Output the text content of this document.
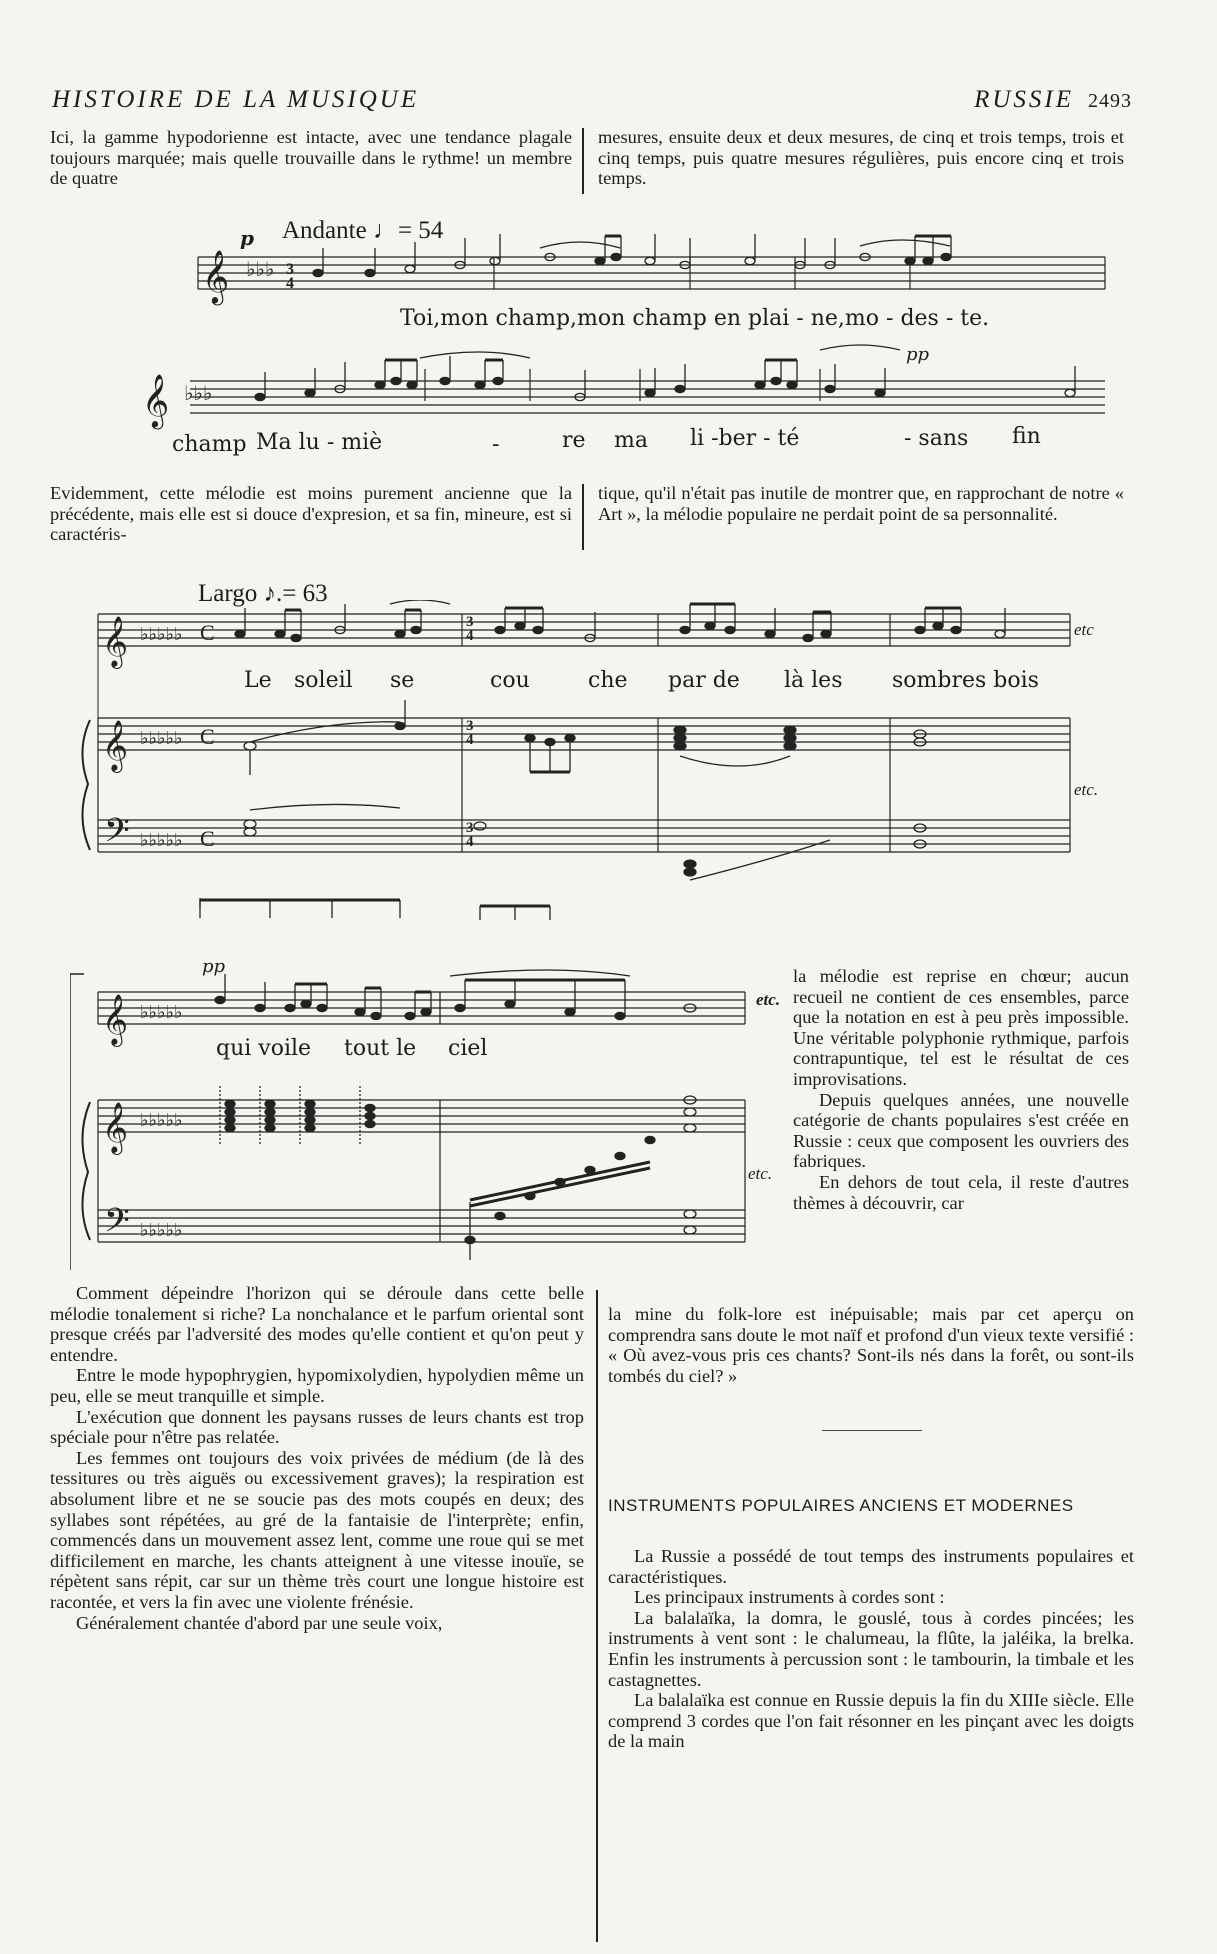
HISTOIRE DE LA MUSIQUE	RUSSIE 2493

Ici, la gamme hypodorienne est intacte, avec une tendance plagale toujours marquée; mais quelle trouvaille dans le rythme! un membre de quatre

mesures, ensuite deux et deux mesures, de cinq et trois temps, trois et cinq temps, puis quatre mesures régulières, puis encore cinq et trois temps.

Andante ♩= 54
𝄞 ♭♭♭ 3
4
𝄞 ♭♭♭
p
pp
Toi,mon champ,mon champ en plai - ne,mo - des - te.
champ Ma lu - miè	-	re ma li -ber - té	- sans fin

Evidemment, cette mélodie est moins purement ancienne que la précédente, mais elle est si douce d'expresion, et sa fin, mineure, est si caractéris-

tique, qu'il n'était pas inutile de montrer que, en rapprochant de notre « Art », la mélodie populaire ne perdait point de sa personnalité.

Largo ♪.= 63
𝄞 ♭♭♭♭♭ C
𝄞 ♭♭♭♭♭ C
𝄢 ♭♭♭♭♭ C
3
4
3
4
3
4
Le soleil se	cou	che par de là les sombres bois
etc
etc.
𝄞 ♭♭♭♭♭
𝄞 ♭♭♭♭♭
𝄢 ♭♭♭♭♭
pp
qui voile tout le ciel
etc.
etc.

la mélodie est reprise en chœur; aucun recueil ne contient de ces ensembles, parce que la notation en est à peu près impossible. Une véritable polyphonie rythmique, parfois contrapuntique, tel est le résultat de ces improvisations.

Depuis quelques années, une nouvelle catégorie de chants populaires s'est créée en Russie : ceux que composent les ouvriers des fabriques.

En dehors de tout cela, il reste d'autres thèmes à découvrir, car

Comment dépeindre l'horizon qui se déroule dans cette belle mélodie tonalement si riche? La nonchalance et le parfum oriental sont presque créés par l'adversité des modes qu'elle contient et qu'on peut y entendre.

Entre le mode hypophrygien, hypomixolydien, hypolydien même un peu, elle se meut tranquille et simple.

L'exécution que donnent les paysans russes de leurs chants est trop spéciale pour n'être pas relatée.

Les femmes ont toujours des voix privées de médium (de là des tessitures ou très aiguës ou excessivement graves); la respiration est absolument libre et ne se soucie pas des mots coupés en deux; des syllabes sont répétées, au gré de la fantaisie de l'interprète; enfin, commencés dans un mouvement assez lent, comme une roue qui se met difficilement en marche, les chants atteignent à une vitesse inouïe, se répètent sans répit, car sur un thème très court une longue histoire est racontée, et vers la fin avec une violente frénésie.

Généralement chantée d'abord par une seule voix,

la mine du folk-lore est inépuisable; mais par cet aperçu on comprendra sans doute le mot naïf et profond d'un vieux texte versifié : « Où avez-vous pris ces chants? Sont-ils nés dans la forêt, ou sont-ils tombés du ciel? »

INSTRUMENTS POPULAIRES ANCIENS ET MODERNES

La Russie a possédé de tout temps des instruments populaires et caractéristiques.

Les principaux instruments à cordes sont :

La balalaïka, la domra, le gouslé, tous à cordes pincées; les instruments à vent sont : le chalumeau, la flûte, la jaléika, la brelka. Enfin les instruments à percussion sont : le tambourin, la timbale et les castagnettes.

La balalaïka est connue en Russie depuis la fin du XIIIe siècle. Elle comprend 3 cordes que l'on fait résonner en les pinçant avec les doigts de la main
